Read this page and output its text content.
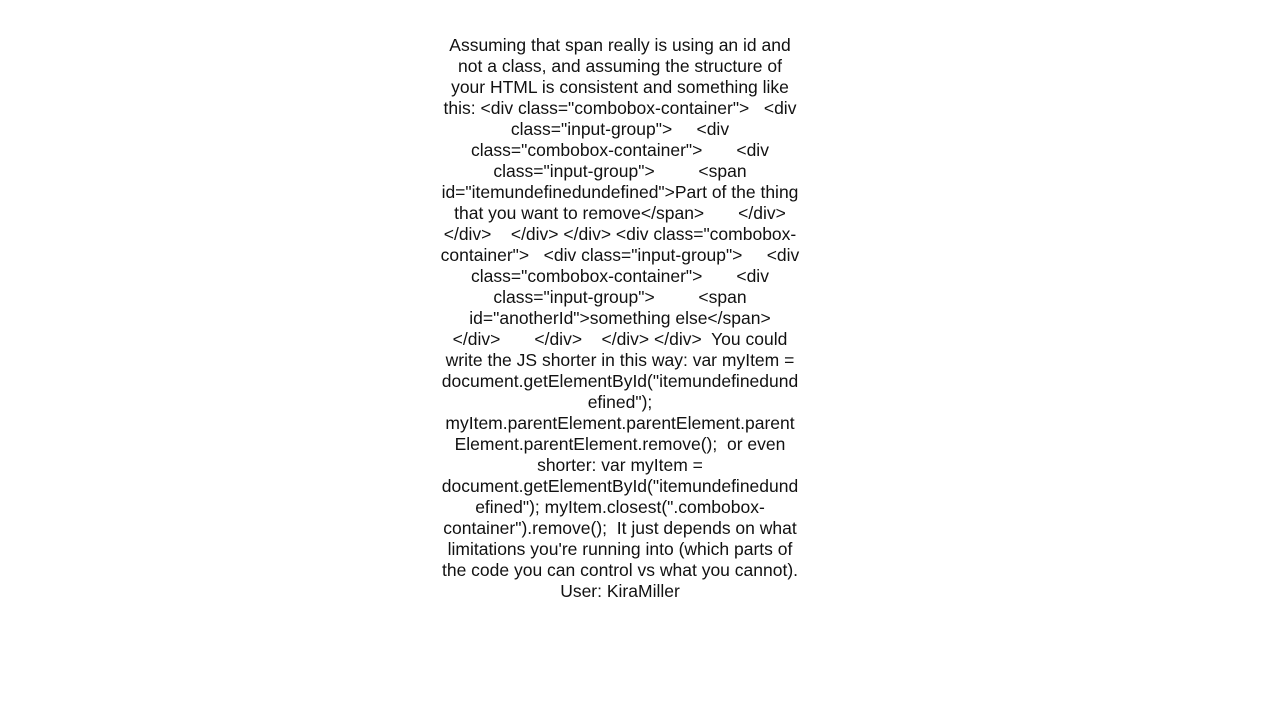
Assuming that span really is using an id and not a class, and assuming the structure of your HTML is consistent and something like this: <div class="combobox-container">   <div class="input-group">     <div class="combobox-container">       <div class="input-group">         <span id="itemundefinedundefined">Part of the thing that you want to remove</span>       </div>       </div>    </div> </div> <div class="combobox-container">   <div class="input-group">     <div class="combobox-container">       <div class="input-group">         <span id="anotherId">something else</span>       </div>       </div>    </div> </div>  You could write the JS shorter in this way: var myItem = document.getElementById("itemundefinedundefined"); myItem.parentElement.parentElement.parentElement.parentElement.remove();  or even shorter: var myItem = document.getElementById("itemundefinedundefined"); myItem.closest(".combobox-container").remove();  It just depends on what limitations you're running into (which parts of the code you can control vs what you cannot).  User: KiraMiller
